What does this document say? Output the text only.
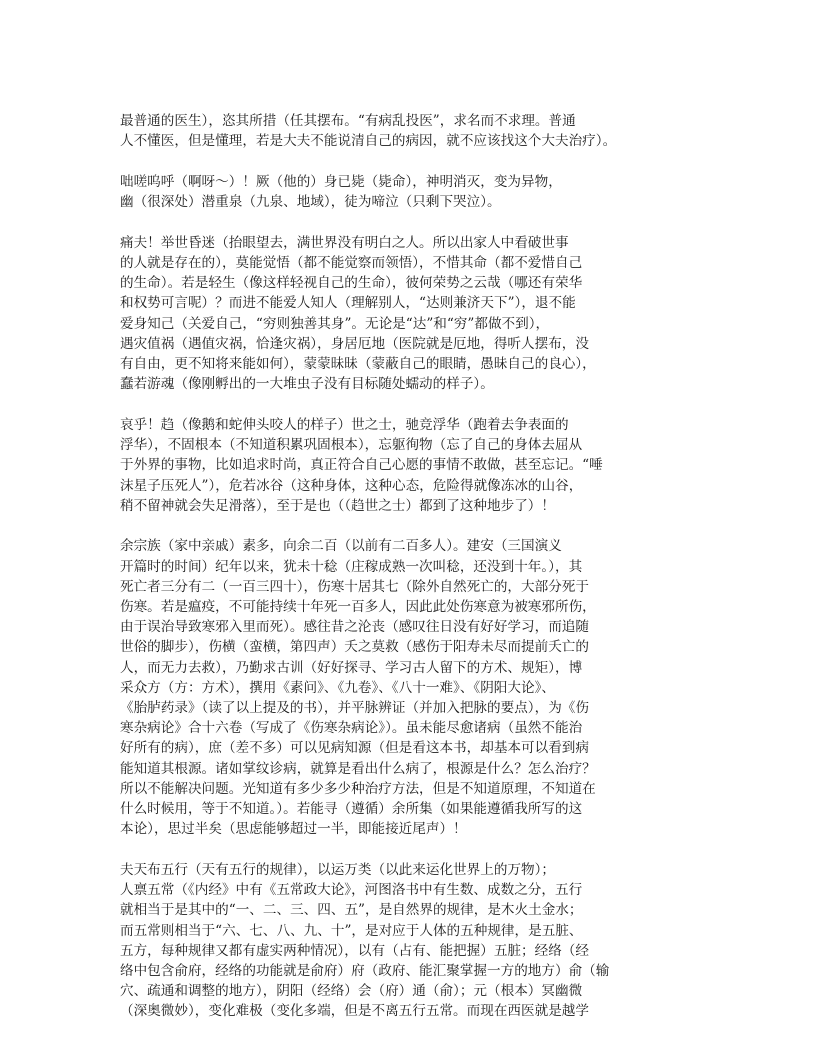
最普通的医生），恣其所措（任其摆布。“有病乱投医”，求名而不求理。普通
人不懂医，但是懂理，若是大夫不能说清自己的病因，就不应该找这个大夫治疗）。
咄嗟呜呼（啊呀～）！厥（他的）身已毙（毙命），神明消灭，变为异物，
幽（很深处）潜重泉（九泉、地域），徒为啼泣（只剩下哭泣）。
痛夫！举世昏迷（抬眼望去，满世界没有明白之人。所以出家人中看破世事
的人就是存在的），莫能觉悟（都不能觉察而领悟），不惜其命（都不爱惜自己
的生命）。若是轻生（像这样轻视自己的生命），彼何荣势之云哉（哪还有荣华
和权势可言呢）？而进不能爱人知人（理解别人，“达则兼济天下”），退不能
爱身知己（关爱自己，“穷则独善其身”。无论是“达”和“穷”都做不到），
遇灾值祸（遇值灾祸，恰逢灾祸），身居厄地（医院就是厄地，得听人摆布，没
有自由，更不知将来能如何），蒙蒙昧昧（蒙蔽自己的眼睛，愚昧自己的良心），
蠢若游魂（像刚孵出的一大堆虫子没有目标随处蠕动的样子）。
哀乎！趋（像鹅和蛇伸头咬人的样子）世之士，驰竞浮华（跑着去争表面的
浮华），不固根本（不知道积累巩固根本），忘躯徇物（忘了自己的身体去屈从
于外界的事物，比如追求时尚，真正符合自己心愿的事情不敢做，甚至忘记。“唾
沫星子压死人”），危若冰谷（这种身体，这种心态，危险得就像冻冰的山谷，
稍不留神就会失足滑落），至于是也（（趋世之士）都到了这种地步了）！
余宗族（家中亲戚）素多，向余二百（以前有二百多人）。建安（三国演义
开篇时的时间）纪年以来，犹未十稔（庄稼成熟一次叫稔，还没到十年。），其
死亡者三分有二（一百三四十），伤寒十居其七（除外自然死亡的，大部分死于
伤寒。若是瘟疫，不可能持续十年死一百多人，因此此处伤寒意为被寒邪所伤，
由于误治导致寒邪入里而死）。感往昔之沦丧（感叹往日没有好好学习，而追随
世俗的脚步），伤横（蛮横，第四声）夭之莫救（感伤于阳寿未尽而提前夭亡的
人，而无力去救），乃勤求古训（好好探寻、学习古人留下的方术、规矩），博
采众方（方：方术），撰用《素问》、《九卷》、《八十一难》、《阴阳大论》、
《胎胪药录》（读了以上提及的书），并平脉辨证（并加入把脉的要点），为《伤
寒杂病论》合十六卷（写成了《伤寒杂病论》）。虽未能尽愈诸病（虽然不能治
好所有的病），庶（差不多）可以见病知源（但是看这本书，却基本可以看到病
能知道其根源。诸如掌纹诊病，就算是看出什么病了，根源是什么？怎么治疗？
所以不能解决问题。光知道有多少多少种治疗方法，但是不知道原理，不知道在
什么时候用，等于不知道。）。若能寻（遵循）余所集（如果能遵循我所写的这
本论），思过半矣（思虑能够超过一半，即能接近尾声）！
夫天布五行（天有五行的规律），以运万类（以此来运化世界上的万物）；
人禀五常（《内经》中有《五常政大论》，河图洛书中有生数、成数之分，五行
就相当于是其中的“一、二、三、四、五”，是自然界的规律，是木火土金水；
而五常则相当于“六、七、八、九、十”，是对应于人体的五种规律，是五脏、
五方，每种规律又都有虚实两种情况），以有（占有、能把握）五脏；经络（经
络中包含俞府，经络的功能就是俞府）府（政府、能汇聚掌握一方的地方）俞（输
穴、疏通和调整的地方），阴阳（经络）会（府）通（俞）；元（根本）冥幽微
（深奥微妙），变化难极（变化多端，但是不离五行五常。而现在西医就是越学
